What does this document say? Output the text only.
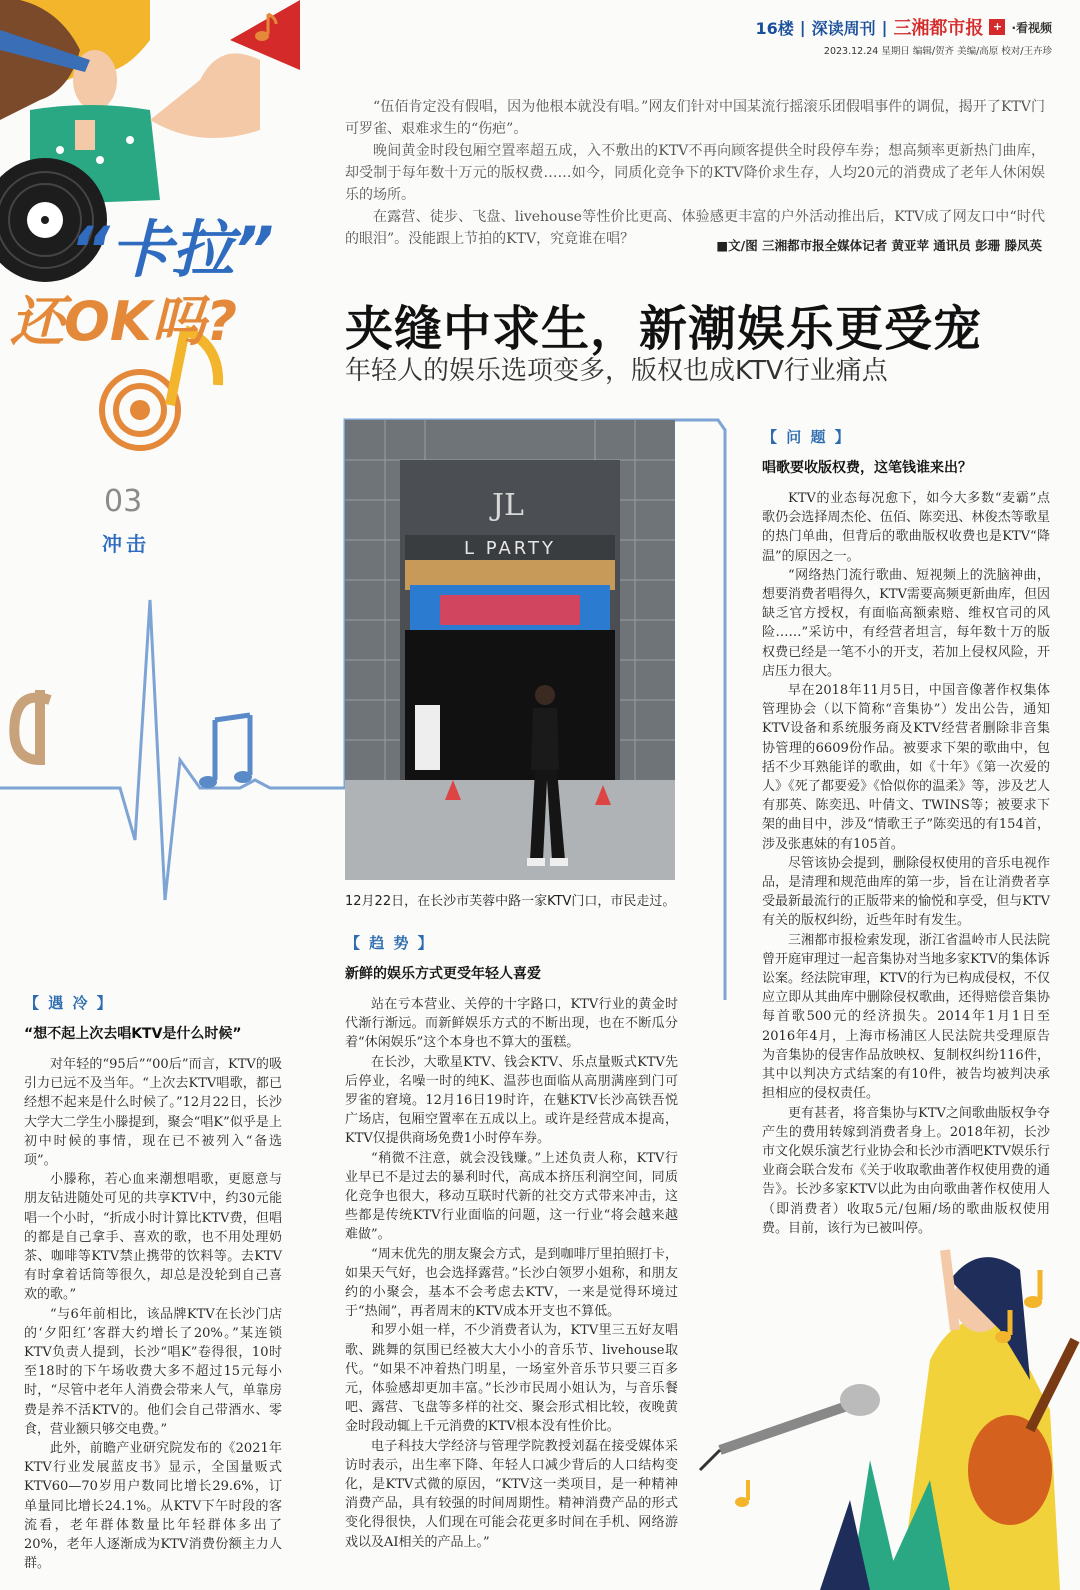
16楼 | 深读周刊 | 三湘都市报 + ·看视频
2023.12.24 星期日 编辑/贺齐 美编/高原 校对/王卉珍
“卡拉”
还OK吗?
03
冲击

“伍佰肯定没有假唱，因为他根本就没有唱。”网友们针对中国某流行摇滚乐团假唱事件的调侃，揭开了KTV门可罗雀、艰难求生的“伤疤”。

晚间黄金时段包厢空置率超五成，入不敷出的KTV不再向顾客提供全时段停车券；想高频率更新热门曲库，却受制于每年数十万元的版权费……如今，同质化竞争下的KTV降价求生存，人均20元的消费成了老年人休闲娱乐的场所。

在露营、徒步、飞盘、livehouse等性价比更高、体验感更丰富的户外活动推出后，KTV成了网友口中“时代的眼泪”。没能跟上节拍的KTV，究竟谁在唱？	■文/图 三湘都市报全媒体记者 黄亚苹 通讯员 彭珊 滕凤英
夹缝中求生，新潮娱乐更受宠
年轻人的娱乐选项变多，版权也成KTV行业痛点
JL
L PARTY
12月22日，在长沙市芙蓉中路一家KTV门口，市民走过。
【 遇 冷 】
“想不起上次去唱KTV是什么时候”

对年轻的“95后”“00后”而言，KTV的吸引力已远不及当年。“上次去KTV唱歌，都已经想不起来是什么时候了。”12月22日，长沙大学大二学生小滕提到，聚会“唱K”似乎是上初中时候的事情，现在已不被列入“备选项”。

小滕称，若心血来潮想唱歌，更愿意与朋友钻进随处可见的共享KTV中，约30元能唱一个小时，“折成小时计算比KTV费，但唱的都是自己拿手、喜欢的歌，也不用处理奶茶、咖啡等KTV禁止携带的饮料等。去KTV有时拿着话筒等很久，却总是没轮到自己喜欢的歌。”

“与6年前相比，该品牌KTV在长沙门店的‘夕阳红’客群大约增长了20%。”某连锁KTV负责人提到，长沙“唱K”卷得很，10时至18时的下午场收费大多不超过15元每小时，“尽管中老年人消费会带来人气，单靠房费是养不活KTV的。他们会自己带酒水、零食，营业额只够交电费。”

此外，前瞻产业研究院发布的《2021年KTV行业发展蓝皮书》显示，全国量贩式KTV60—70岁用户数同比增长29.6%，订单量同比增长24.1%。从KTV下午时段的客流看，老年群体数量比年轻群体多出了20%，老年人逐渐成为KTV消费份额主力人群。

【 趋 势 】
新鲜的娱乐方式更受年轻人喜爱

站在亏本营业、关停的十字路口，KTV行业的黄金时代渐行渐远。而新鲜娱乐方式的不断出现，也在不断瓜分着“休闲娱乐”这个本身也不算大的蛋糕。

在长沙，大歌星KTV、钱会KTV、乐点量贩式KTV先后停业，名噪一时的纯K、温莎也面临从高朋满座到门可罗雀的窘境。12月16日19时许，在魅KTV长沙高铁吾悦广场店，包厢空置率在五成以上。或许是经营成本提高，KTV仅提供商场免费1小时停车券。

“稍微不注意，就会没钱赚。”上述负责人称，KTV行业早已不是过去的暴利时代，高成本挤压利润空间，同质化竞争也很大，移动互联时代新的社交方式带来冲击，这些都是传统KTV行业面临的问题，这一行业“将会越来越难做”。

“周末优先的朋友聚会方式，是到咖啡厅里拍照打卡，如果天气好，也会选择露营。”长沙白领罗小姐称，和朋友约的小聚会，基本不会考虑去KTV，一来是觉得环境过于“热闹”，再者周末的KTV成本开支也不算低。

和罗小姐一样，不少消费者认为，KTV里三五好友唱歌、跳舞的氛围已经被大大小小的音乐节、livehouse取代。“如果不冲着热门明星，一场室外音乐节只要三百多元，体验感却更加丰富。”长沙市民周小姐认为，与音乐餐吧、露营、飞盘等多样的社交、聚会形式相比较，夜晚黄金时段动辄上千元消费的KTV根本没有性价比。

电子科技大学经济与管理学院教授刘磊在接受媒体采访时表示，出生率下降、年轻人口减少背后的人口结构变化，是KTV式微的原因，“KTV这一类项目，是一种精神消费产品，具有较强的时间周期性。精神消费产品的形式变化得很快，人们现在可能会花更多时间在手机、网络游戏以及AI相关的产品上。”

【 问 题 】
唱歌要收版权费，这笔钱谁来出？

KTV的业态每况愈下，如今大多数“麦霸”点歌仍会选择周杰伦、伍佰、陈奕迅、林俊杰等歌星的热门单曲，但背后的歌曲版权收费也是KTV“降温”的原因之一。

“网络热门流行歌曲、短视频上的洗脑神曲，想要消费者唱得久，KTV需要高频更新曲库，但因缺乏官方授权，有面临高额索赔、维权官司的风险……”采访中，有经营者坦言，每年数十万的版权费已经是一笔不小的开支，若加上侵权风险，开店压力很大。

早在2018年11月5日，中国音像著作权集体管理协会（以下简称“音集协”）发出公告，通知KTV设备和系统服务商及KTV经营者删除非音集协管理的6609份作品。被要求下架的歌曲中，包括不少耳熟能详的歌曲，如《十年》《第一次爱的人》《死了都要爱》《恰似你的温柔》等，涉及艺人有那英、陈奕迅、叶倩文、TWINS等；被要求下架的曲目中，涉及“情歌王子”陈奕迅的有154首，涉及张惠妹的有105首。

尽管该协会提到，删除侵权使用的音乐电视作品，是清理和规范曲库的第一步，旨在让消费者享受最新最流行的正版带来的愉悦和享受，但与KTV有关的版权纠纷，近些年时有发生。

三湘都市报检索发现，浙江省温岭市人民法院曾开庭审理过一起音集协对当地多家KTV的集体诉讼案。经法院审理，KTV的行为已构成侵权，不仅应立即从其曲库中删除侵权歌曲，还得赔偿音集协每首歌500元的经济损失。2014年1月1日至2016年4月，上海市杨浦区人民法院共受理原告为音集协的侵害作品放映权、复制权纠纷116件，其中以判决方式结案的有10件，被告均被判决承担相应的侵权责任。

更有甚者，将音集协与KTV之间歌曲版权争夺产生的费用转嫁到消费者身上。2018年初，长沙市文化娱乐演艺行业协会和长沙市酒吧KTV娱乐行业商会联合发布《关于收取歌曲著作权使用费的通告》。长沙多家KTV以此为由向歌曲著作权使用人（即消费者）收取5元/包厢/场的歌曲版权使用费。目前，该行为已被叫停。
